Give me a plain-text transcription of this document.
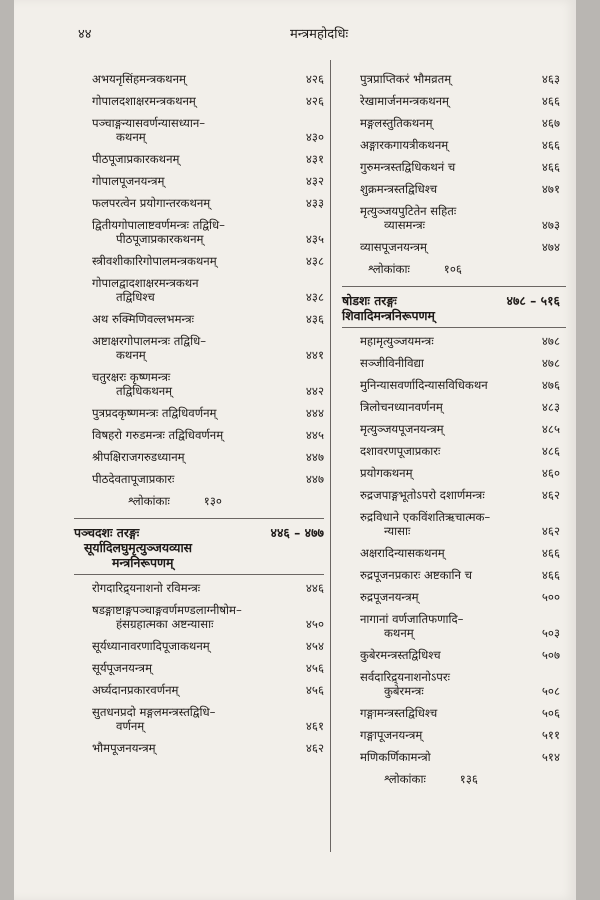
४४	मन्त्रमहोदधिः
अभयनृसिंहमन्त्रकथनम्	४२६
गोपालदशाक्षरमन्त्रकथनम्	४२६
पञ्चाङ्गन्यासवर्णन्यासध्यान–
कथनम्	४३०
पीठपूजाप्रकारकथनम्	४३१
गोपालपूजनयन्त्रम्	४३२
फलपरत्वेन प्रयोगान्तरकथनम्	४३३
द्वितीयगोपालाष्टवर्णमन्त्रः तद्विधि–
पीठपूजाप्रकारकथनम्	४३५
स्त्रीवशीकारिगोपालमन्त्रकथनम्	४३८
गोपालद्वादशाक्षरमन्त्रकथन
तद्विधिश्च	४३८
अथ रुक्मिणिवल्लभमन्त्रः	४३६
अष्टाक्षरगोपालमन्त्रः तद्विधि–
कथनम्	४४१
चतुरक्षरः कृष्णमन्त्रः
तद्विधिकथनम्	४४२
पुत्रप्रदकृष्णमन्त्रः तद्विधिवर्णनम्	४४४
विषहरो गरुडमन्त्रः तद्विधिवर्णनम्	४४५
श्रीपक्षिराजगरुडध्यानम्	४४७
पीठदेवतापूजाप्रकारः	४४७
श्लोकांकाः	१३०
पञ्चदशः तरङ्गः	४४६ – ४७७
सूर्यादिलघुमृत्युञ्जयव्यास
मन्त्रनिरूपणम्
रोगदारिद्र्यनाशनो रविमन्त्रः	४४६
षडङ्गाष्टाङ्गपञ्चाङ्गवर्णमण्डलाग्नीषोम–
हंसग्रहात्मका अष्टन्यासाः	४५०
सूर्यध्यानावरणादिपूजाकथनम्	४५४
सूर्यपूजनयन्त्रम्	४५६
अर्घ्यदानप्रकारवर्णनम्	४५६
सुतधनप्रदो मङ्गलमन्त्रस्तद्विधि–
वर्णनम्	४६१
भौमपूजनयन्त्रम्	४६२
पुत्रप्राप्तिकरं भौमव्रतम्	४६३
रेखामार्जनमन्त्रकथनम्	४६६
मङ्गलस्तुतिकथनम्	४६७
अङ्गारकगायत्रीकथनम्	४६६
गुरुमन्त्रस्तद्विधिकथनं च	४६६
शुक्रमन्त्रस्तद्विधिश्च	४७१
मृत्युञ्जयपुटितेन सहितः
व्यासमन्त्रः	४७३
व्यासपूजनयन्त्रम्	४७४
श्लोकांकाः	१०६
षोडशः तरङ्गः	४७८ – ५१६
शिवादिमन्त्रनिरूपणम्
महामृत्युञ्जयमन्त्रः	४७८
सञ्जीविनीविद्या	४७८
मुनिन्यासवर्णादिन्यासविधिकथन	४७६
त्रिलोचनध्यानवर्णनम्	४८३
मृत्युञ्जयपूजनयन्त्रम्	४८५
दशावरणपूजाप्रकारः	४८६
प्रयोगकथनम्	४६०
रुद्रजपाङ्गभूतोऽपरो दशार्णमन्त्रः	४६२
रुद्रविधाने एकविंशतिऋचात्मक–
न्यासाः	४६२
अक्षरादिन्यासकथनम्	४६६
रुद्रपूजनप्रकारः अष्टकानि च	४६६
रुद्रपूजनयन्त्रम्	५००
नागानां वर्णजातिफणादि–
कथनम्	५०३
कुबेरमन्त्रस्तद्विधिश्च	५०७
सर्वदारिद्र्यनाशनोऽपरः
कुबेरमन्त्रः	५०८
गङ्गामन्त्रस्तद्विधिश्च	५०६
गङ्गापूजनयन्त्रम्	५११
मणिकर्णिकामन्त्रो	५१४
श्लोकांकाः	१३६
